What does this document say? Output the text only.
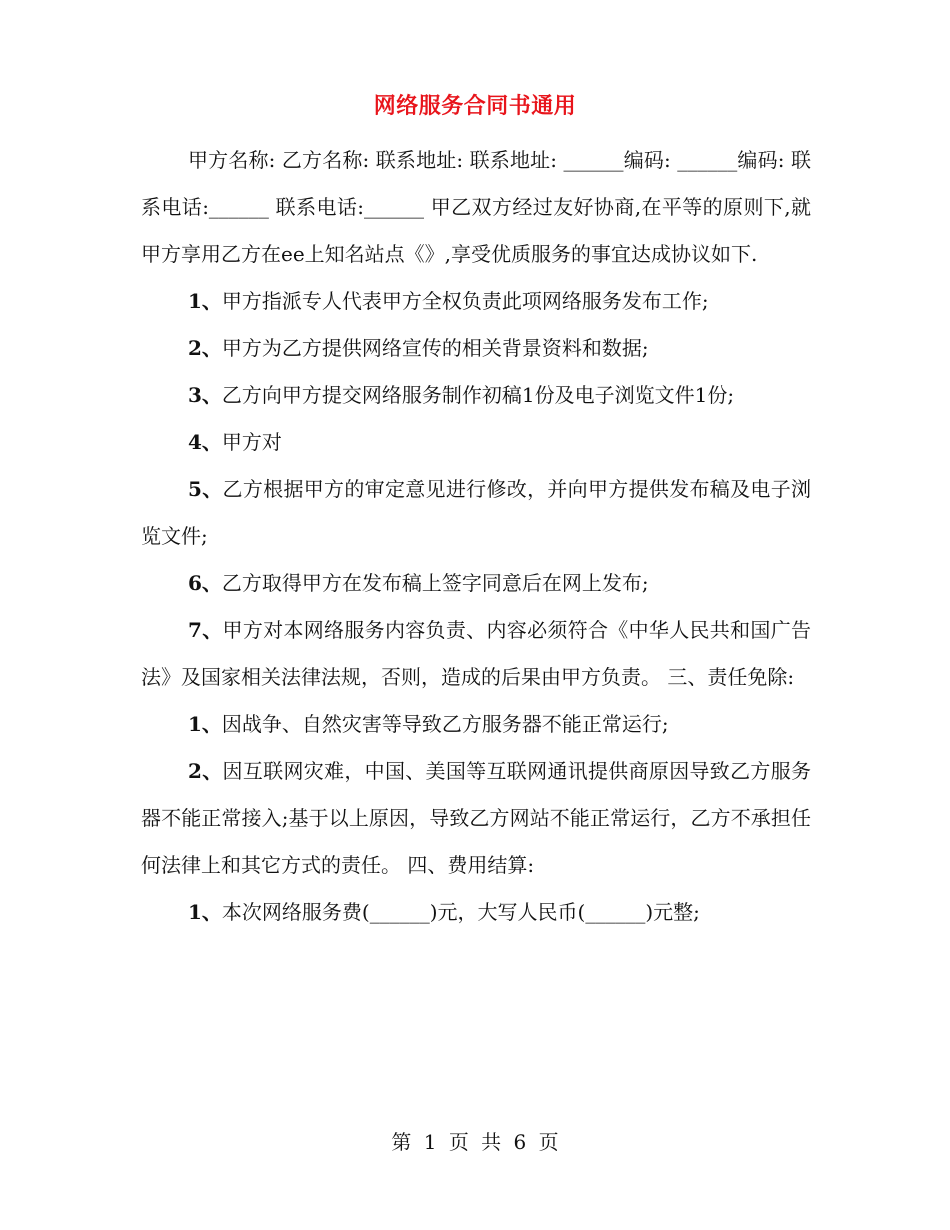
网络服务合同书通用

甲方名称: 乙方名称: 联系地址: 联系地址: ______编码: ______编码: 联系电话:______ 联系电话:______ 甲乙双方经过友好协商,在平等的原则下,就甲方享用乙方在ee上知名站点《》,享受优质服务的事宜达成协议如下.

1、甲方指派专人代表甲方全权负责此项网络服务发布工作;

2、甲方为乙方提供网络宣传的相关背景资料和数据;

3、乙方向甲方提交网络服务制作初稿1份及电子浏览文件1份;

4、甲方对

5、乙方根据甲方的审定意见进行修改，并向甲方提供发布稿及电子浏览文件;

6、乙方取得甲方在发布稿上签字同意后在网上发布;

7、甲方对本网络服务内容负责、内容必须符合《中华人民共和国广告法》及国家相关法律法规，否则，造成的后果由甲方负责。 三、责任免除:

1、因战争、自然灾害等导致乙方服务器不能正常运行;

2、因互联网灾难，中国、美国等互联网通讯提供商原因导致乙方服务器不能正常接入;基于以上原因，导致乙方网站不能正常运行，乙方不承担任何法律上和其它方式的责任。 四、费用结算:

1、本次网络服务费(______)元，大写人民币(______)元整;

第 1 页 共 6 页
